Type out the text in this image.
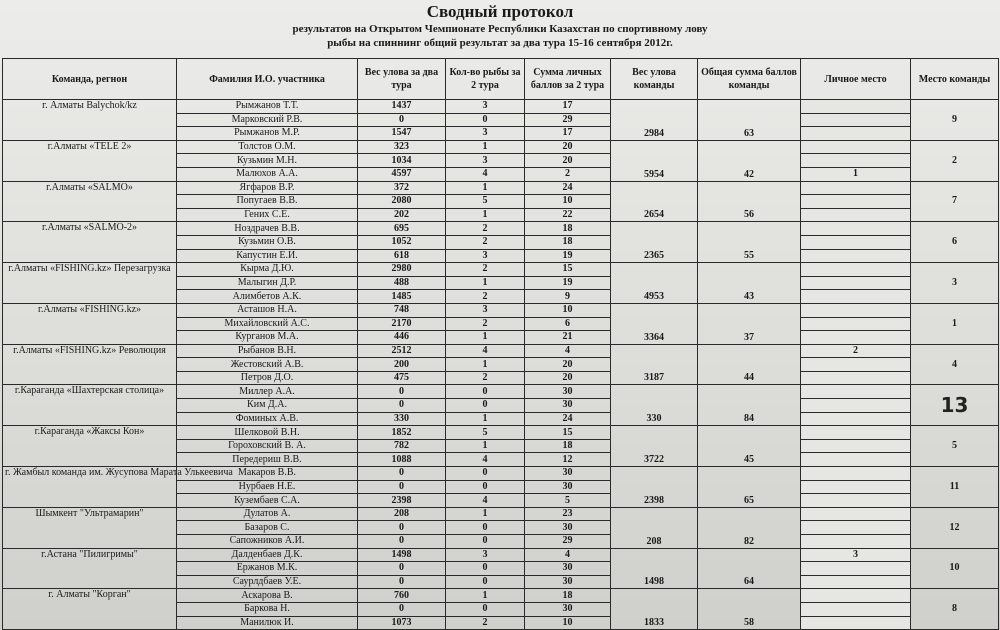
Сводный протокол
результатов на Открытом Чемпионате Республики Казахстан по спортивному лову
рыбы на спиннинг общий результат за два тура 15-16 сентября 2012г.
Команда, регнон	Фамилия И.О. участника	Вес улова за два тура	Кол-во рыбы за 2 тура	Сумма личных баллов за 2 тура	Вес улова команды	Общая сумма баллов команды	Личное место	Место команды
г. Алматы Balychok/kz	Рымжанов Т.Т.	1437	3	17	2984	63		9
	Марковский Р.В.	0	0	29				
	Рымжанов М.Р.	1547	3	17				
г.Алматы «TELE 2»	Толстов О.М.	323	1	20	5954	42		2
	Кузьмин М.Н.	1034	3	20				
	Малюхов А.А.	4597	4	2			1	
г.Алматы «SALMO»	Ягфаров В.Р.	372	1	24	2654	56		7
	Попугаев В.В.	2080	5	10				
	Гених С.Е.	202	1	22				
г.Алматы «SALMO-2»	Ноздрачев В.В.	695	2	18	2365	55		6
	Кузьмин О.В.	1052	2	18				
	Капустин Е.И.	618	3	19				
г.Алматы «FISHING.kz» Перезагрузка	Кырма Д.Ю.	2980	2	15	4953	43		3
	Малыгин Д.Р.	488	1	19				
	Алимбетов А.К.	1485	2	9				
г.Алматы «FISHING.kz»	Асташов Н.А.	748	3	10	3364	37		1
	Михайловский А.С.	2170	2	6				
	Курганов М.А.	446	1	21				
г.Алматы «FISHING.kz» Революция	Рыбанов В.Н.	2512	4	4	3187	44	2	4
	Жестовский А.В.	200	1	20				
	Петров Д.О.	475	2	20				
г.Караганда «Шахтерская столица»	Миллер А.А.	0	0	30	330	84		13
	Ким Д.А.	0	0	30				
	Фоминых А.В.	330	1	24				
г.Караганда «Жаксы Кон»	Шелковой В.Н.	1852	5	15	3722	45		5
	Гороховский В. А.	782	1	18				
	Передериш В.В.	1088	4	12				
г. Жамбыл команда им. Жусупова Марата Улькеевича	Макаров В.В.	0	0	30	2398	65		11
	Нурбаев Н.Е.	0	0	30				
	Кузембаев С.А.	2398	4	5				
Шымкент "Ультрамарин"	Дулатов А.	208	1	23	208	82		12
	Базаров С.	0	0	30				
	Сапожников А.И.	0	0	29				
г.Астана "Пилигримы"	Далденбаев Д.К.	1498	3	4	1498	64	3	10
	Ержанов М.К.	0	0	30				
	Саурлдбаев У.Е.	0	0	30				
г. Алматы "Корган"	Аскарова В.	760	1	18	1833	58		8
	Баркова Н.	0	0	30				
	Манилюк И.	1073	2	10				
